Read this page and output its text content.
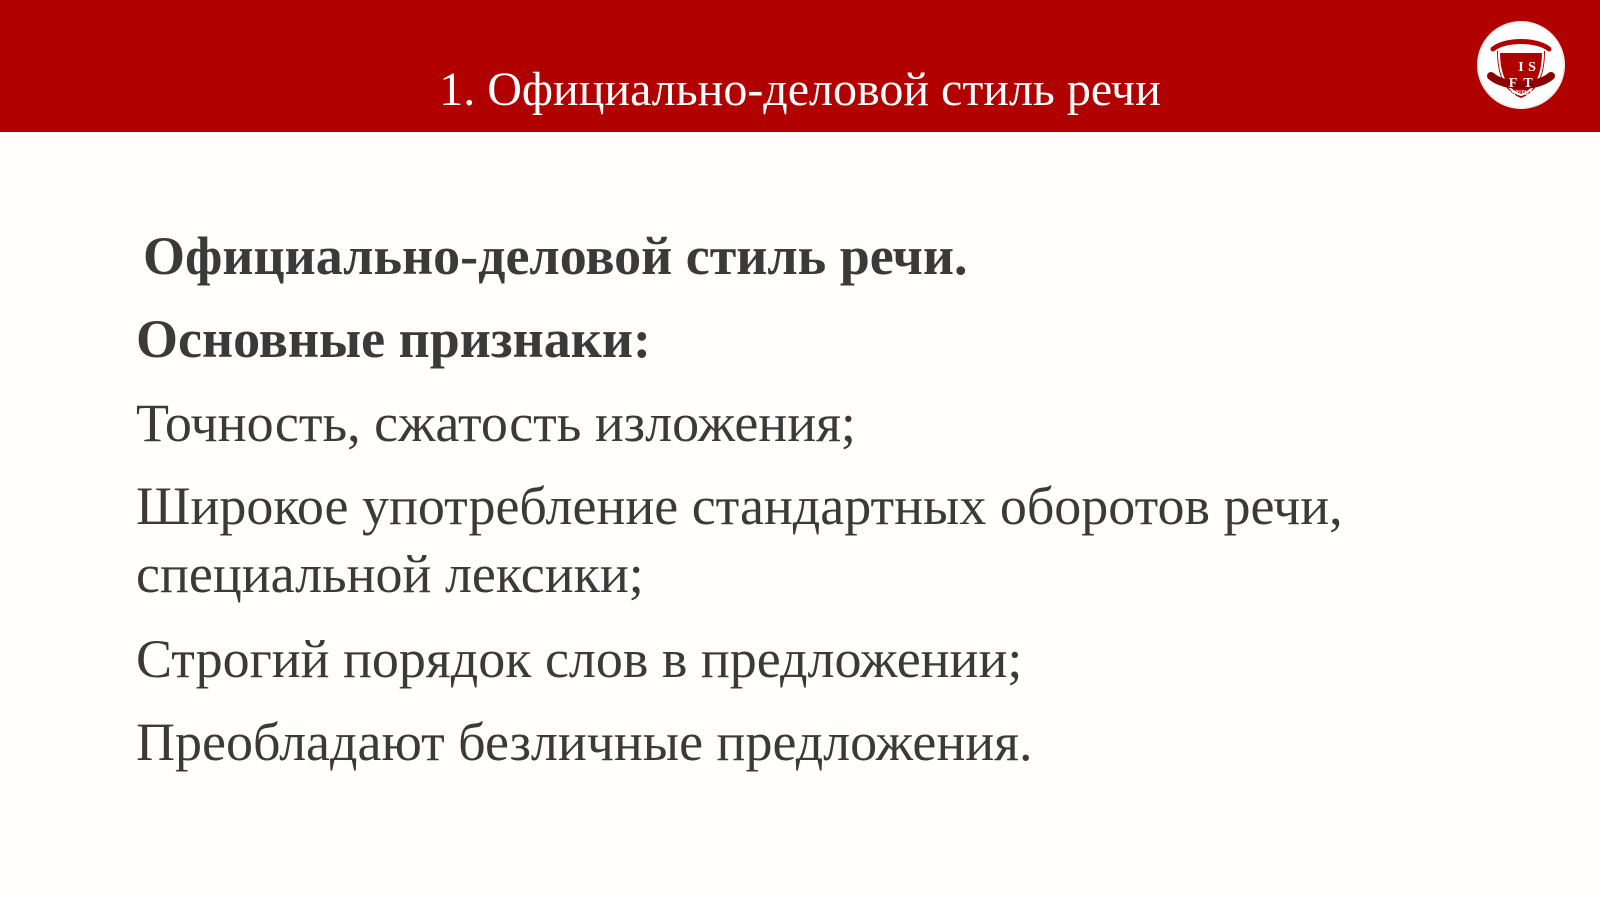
1. Официально-деловой стиль речи	I S
F T
INSTITUTE
Официально-деловой стиль речи.
Основные признаки:
Точность, сжатость изложения;
Широкое употребление стандартных оборотов речи,
специальной лексики;
Строгий порядок слов в предложении;
Преобладают безличные предложения.
